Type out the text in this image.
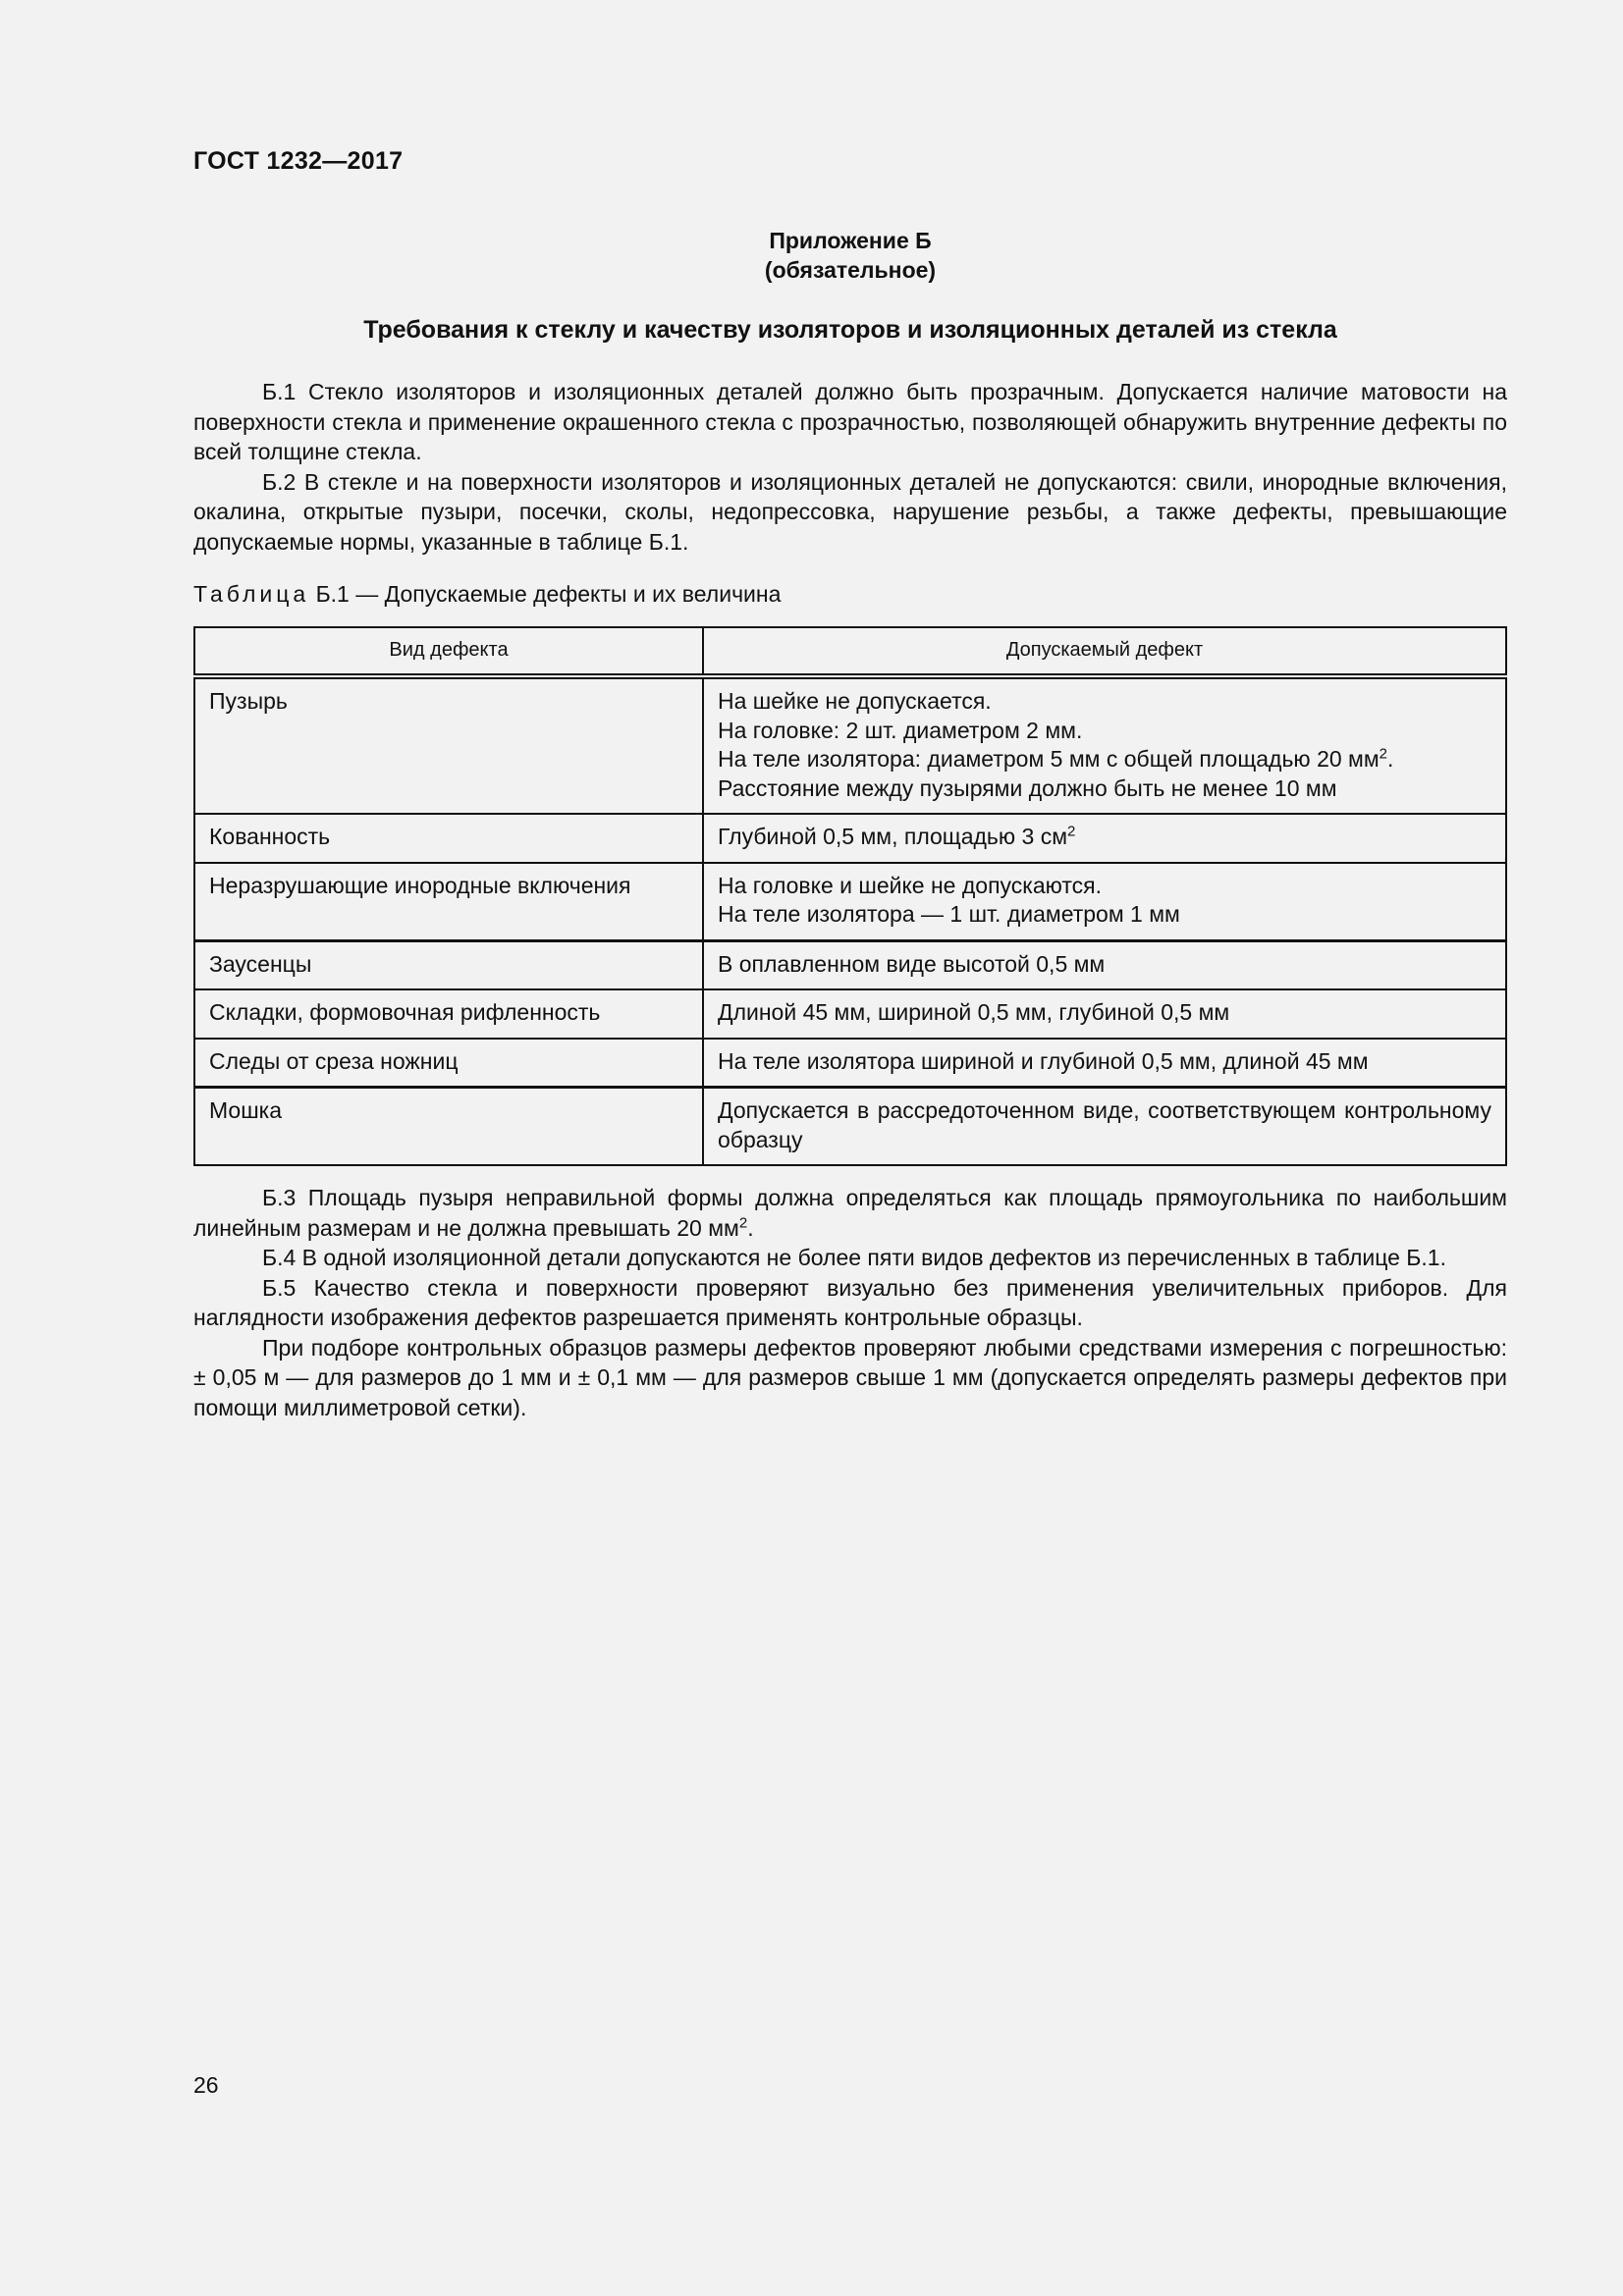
ГОСТ 1232—2017
Приложение Б
(обязательное)
Требования к стеклу и качеству изоляторов и изоляционных деталей из стекла

Б.1 Стекло изоляторов и изоляционных деталей должно быть прозрачным. Допускается наличие матовости на поверхности стекла и применение окрашенного стекла с прозрачностью, позволяющей обнаружить внутренние дефекты по всей толщине стекла.

Б.2 В стекле и на поверхности изоляторов и изоляционных деталей не допускаются: свили, инородные включения, окалина, открытые пузыри, посечки, сколы, недопрессовка, нарушение резьбы, а также дефекты, превышающие допускаемые нормы, указанные в таблице Б.1.

Таблица Б.1 — Допускаемые дефекты и их величина
Вид дефекта	Допускаемый дефект
Пузырь	На шейке не допускается.
На головке: 2 шт. диаметром 2 мм.
На теле изолятора: диаметром 5 мм с общей площадью 20 $мм^2$.
Расстояние между пузырями должно быть не менее 10 мм

Кованность	Глубиной 0,5 мм, площадью 3 $см^2$
Неразрушающие инородные включения	На головке и шейке не допускаются.
На теле изолятора — 1 шт. диаметром 1 мм

Заусенцы	В оплавленном виде высотой 0,5 мм
Складки, формовочная рифленность	Длиной 45 мм, шириной 0,5 мм, глубиной 0,5 мм
Следы от среза ножниц	На теле изолятора шириной и глубиной 0,5 мм, длиной 45 мм
Мошка	Допускается в рассредоточенном виде, соответствующем контрольному образцу

Б.3 Площадь пузыря неправильной формы должна определяться как площадь прямоугольника по наибольшим линейным размерам и не должна превышать 20 $мм^2$.

Б.4 В одной изоляционной детали допускаются не более пяти видов дефектов из перечисленных в таблице Б.1.

Б.5 Качество стекла и поверхности проверяют визуально без применения увеличительных приборов. Для наглядности изображения дефектов разрешается применять контрольные образцы.

При подборе контрольных образцов размеры дефектов проверяют любыми средствами измерения с погрешностью: ± 0,05 м — для размеров до 1 мм и ± 0,1 мм — для размеров свыше 1 мм (допускается определять размеры дефектов при помощи миллиметровой сетки).

26
